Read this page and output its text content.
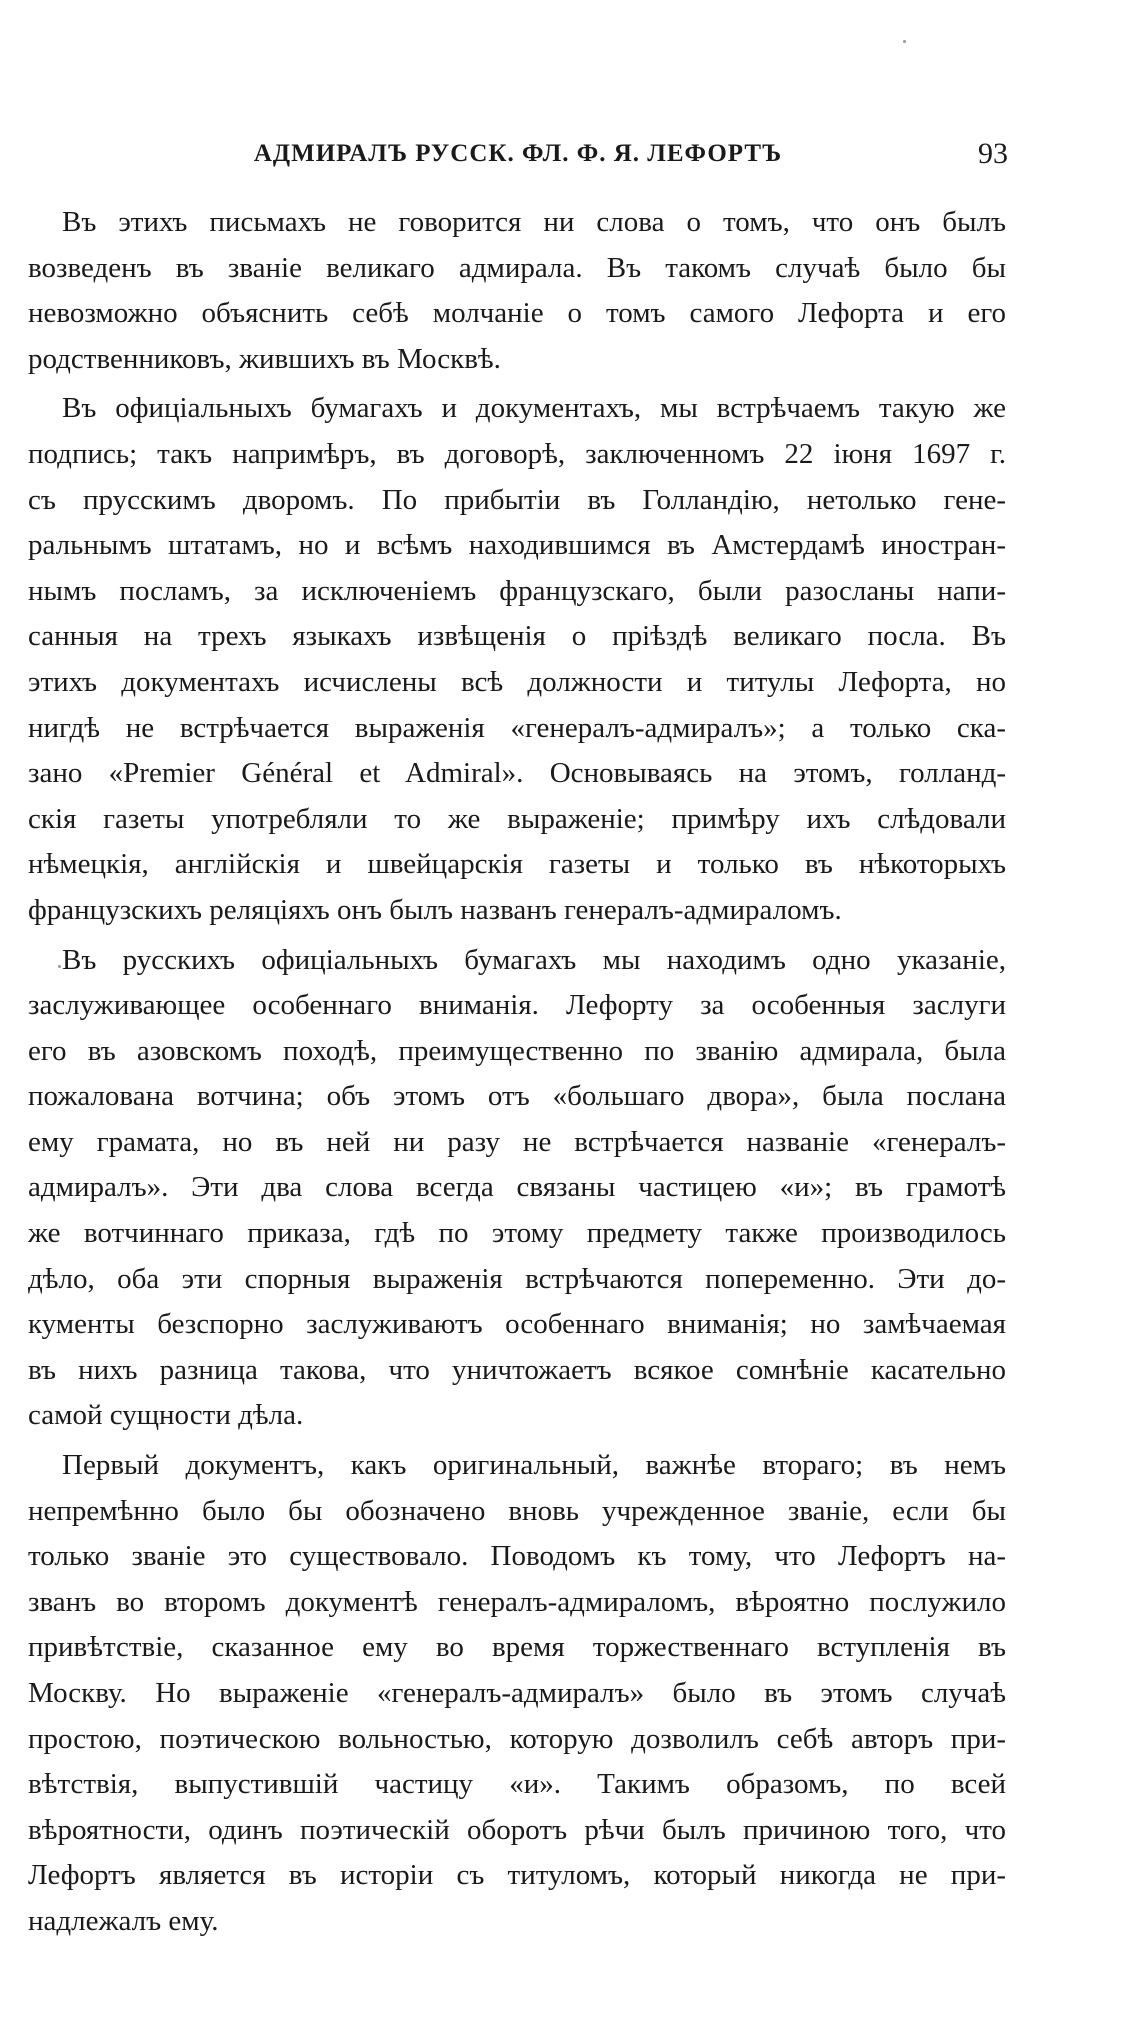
АДМИРАЛЪ РУССК. ФЛ. Ф. Я. ЛЕФОРТЪ	93
Въ этихъ письмахъ не говорится ни слова о томъ, что онъ былъ
возведенъ въ званіе великаго адмирала. Въ такомъ случаѣ было бы
невозможно объяснить себѣ молчаніе о томъ самого Лефорта и его
родственниковъ, жившихъ въ Москвѣ.
Въ офиціальныхъ бумагахъ и документахъ, мы встрѣчаемъ такую же
подпись; такъ напримѣръ, въ договорѣ, заключенномъ 22 іюня 1697 г.
съ прусскимъ дворомъ. По прибытіи въ Голландію, нетолько гене-
ральнымъ штатамъ, но и всѣмъ находившимся въ Амстердамѣ иностран-
нымъ посламъ, за исключеніемъ французскаго, были разосланы напи-
санныя на трехъ языкахъ извѣщенія о пріѣздѣ великаго посла. Въ
этихъ документахъ исчислены всѣ должности и титулы Лефорта, но
нигдѣ не встрѣчается выраженія «генералъ-адмиралъ»; а только ска-
зано «Premier Général et Admiral». Основываясь на этомъ, голланд-
скія газеты употребляли то же выраженіе; примѣру ихъ слѣдовали
нѣмецкія, англійскія и швейцарскія газеты и только въ нѣкоторыхъ
французскихъ реляціяхъ онъ былъ названъ генералъ-адмираломъ.
Въ русскихъ офиціальныхъ бумагахъ мы находимъ одно указаніе,
заслуживающее особеннаго вниманія. Лефорту за особенныя заслуги
его въ азовскомъ походѣ, преимущественно по званію адмирала, была
пожалована вотчина; объ этомъ отъ «большаго двора», была послана
ему грамата, но въ ней ни разу не встрѣчается названіе «генералъ-
адмиралъ». Эти два слова всегда связаны частицею «и»; въ грамотѣ
же вотчиннаго приказа, гдѣ по этому предмету также производилось
дѣло, оба эти спорныя выраженія встрѣчаются попеременно. Эти до-
кументы безспорно заслуживаютъ особеннаго вниманія; но замѣчаемая
въ нихъ разница такова, что уничтожаетъ всякое сомнѣніе касательно
самой сущности дѣла.
Первый документъ, какъ оригинальный, важнѣе втораго; въ немъ
непремѣнно было бы обозначено вновь учрежденное званіе, если бы
только званіе это существовало. Поводомъ къ тому, что Лефортъ на-
званъ во второмъ документѣ генералъ-адмираломъ, вѣроятно послужило
привѣтствіе, сказанное ему во время торжественнаго вступленія въ
Москву. Но выраженіе «генералъ-адмиралъ» было въ этомъ случаѣ
простою, поэтическою вольностью, которую дозволилъ себѣ авторъ при-
вѣтствія, выпустившій частицу «и». Такимъ образомъ, по всей
вѣроятности, одинъ поэтическій оборотъ рѣчи былъ причиною того, что
Лефортъ является въ исторіи съ титуломъ, который никогда не при-
надлежалъ ему.
